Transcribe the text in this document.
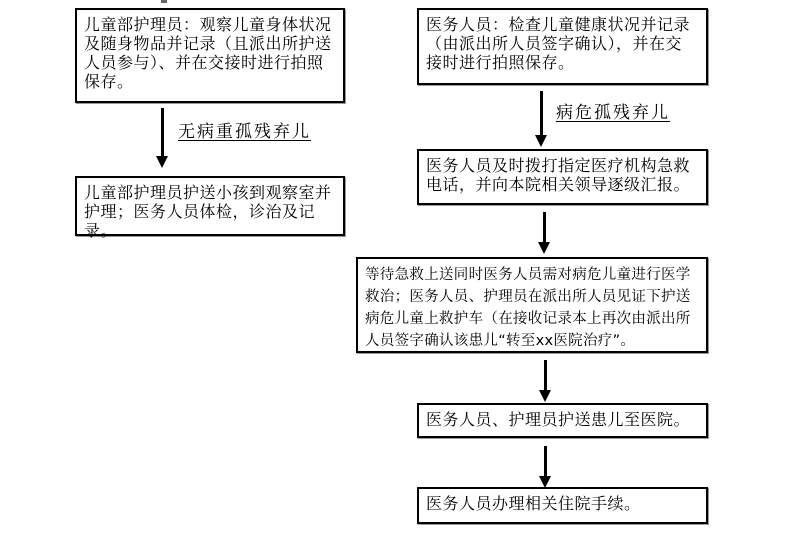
儿童部护理员：观察儿童身体状况及随身物品并记录（且派出所护送人员参与）、并在交接时进行拍照保存。
无病重孤残弃儿
儿童部护理员护送小孩到观察室并护理；医务人员体检，诊治及记录。
医务人员：检查儿童健康状况并记录（由派出所人员签字确认），并在交接时进行拍照保存。
病危孤残弃儿
医务人员及时拨打指定医疗机构急救电话，并向本院相关领导逐级汇报。
等待急救上送同时医务人员需对病危儿童进行医学救治；医务人员、护理员在派出所人员见证下护送病危儿童上救护车（在接收记录本上再次由派出所人员签字确认该患儿“转至xx医院治疗”。
医务人员、护理员护送患儿至医院。
医务人员办理相关住院手续。
